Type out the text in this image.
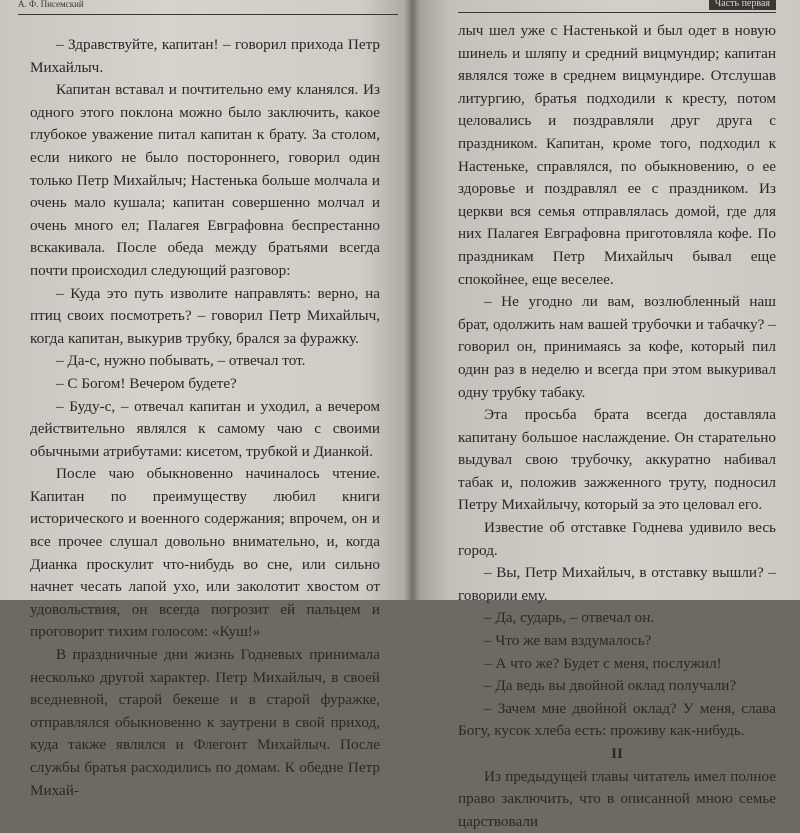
А. Ф. Писемский

– Здравствуйте, капитан! – говорил прихода Петр Михайлыч.

Капитан вставал и почтительно ему кланялся. Из одного этого поклона можно было заключить, какое глубокое уважение питал капитан к брату. За столом, если никого не было постороннего, говорил один только Петр Михайлыч; Настенька больше молчала и очень мало кушала; капитан совершенно молчал и очень много ел; Палагея Евграфовна беспрестанно вскакивала. После обеда между братьями всегда почти происходил следующий разговор:

– Куда это путь изволите направлять: верно, на птиц своих посмотреть? – говорил Петр Михайлыч, когда капитан, выкурив трубку, брался за фуражку.

– Да-с, нужно побывать, – отвечал тот.

– С Богом! Вечером будете?

– Буду-с, – отвечал капитан и уходил, а вечером действительно являлся к самому чаю с своими обычными атрибутами: кисетом, трубкой и Дианкой.

После чаю обыкновенно начиналось чтение. Капитан по преимуществу любил книги исторического и военного содержания; впрочем, он и все прочее слушал довольно внимательно, и, когда Дианка проскулит что-нибудь во сне, или сильно начнет чесать лапой ухо, или заколотит хвостом от удовольствия, он всегда погрозит ей пальцем и проговорит тихим голосом: «Куш!»

В праздничные дни жизнь Годневых принимала несколько другой характер. Петр Михайлыч, в своей вседневной, старой бекеше и в старой фуражке, отправлялся обыкновенно к заутрени в свой приход, куда также являлся и Флегонт Михайлыч. После службы братья расходились по домам. К обедне Петр Михай-

Часть первая

лыч шел уже с Настенькой и был одет в новую шинель и шляпу и средний вицмундир; капитан являлся тоже в среднем вицмундире. Отслушав литургию, братья подходили к кресту, потом целовались и поздравляли друг друга с праздником. Капитан, кроме того, подходил к Настеньке, справлялся, по обыкновению, о ее здоровье и поздравлял ее с праздником. Из церкви вся семья отправлялась домой, где для них Палагея Евграфовна приготовляла кофе. По праздникам Петр Михайлыч бывал еще спокойнее, еще веселее.

– Не угодно ли вам, возлюбленный наш брат, одолжить нам вашей трубочки и табачку? – говорил он, принимаясь за кофе, который пил один раз в неделю и всегда при этом выкуривал одну трубку табаку.

Эта просьба брата всегда доставляла капитану большое наслаждение. Он старательно выдувал свою трубочку, аккуратно набивал табак и, положив зажженного труту, подносил Петру Михайлычу, который за это целовал его.

Известие об отставке Годнева удивило весь город.

– Вы, Петр Михайлыч, в отставку вышли? – говорили ему.

– Да, сударь, – отвечал он.

– Что же вам вздумалось?

– А что же? Будет с меня, послужил!

– Да ведь вы двойной оклад получали?

– Зачем мне двойной оклад? У меня, слава Богу, кусок хлеба есть: проживу как-нибудь.

II

Из предыдущей главы читатель имел полное право заключить, что в описанной мною семье царствовали
